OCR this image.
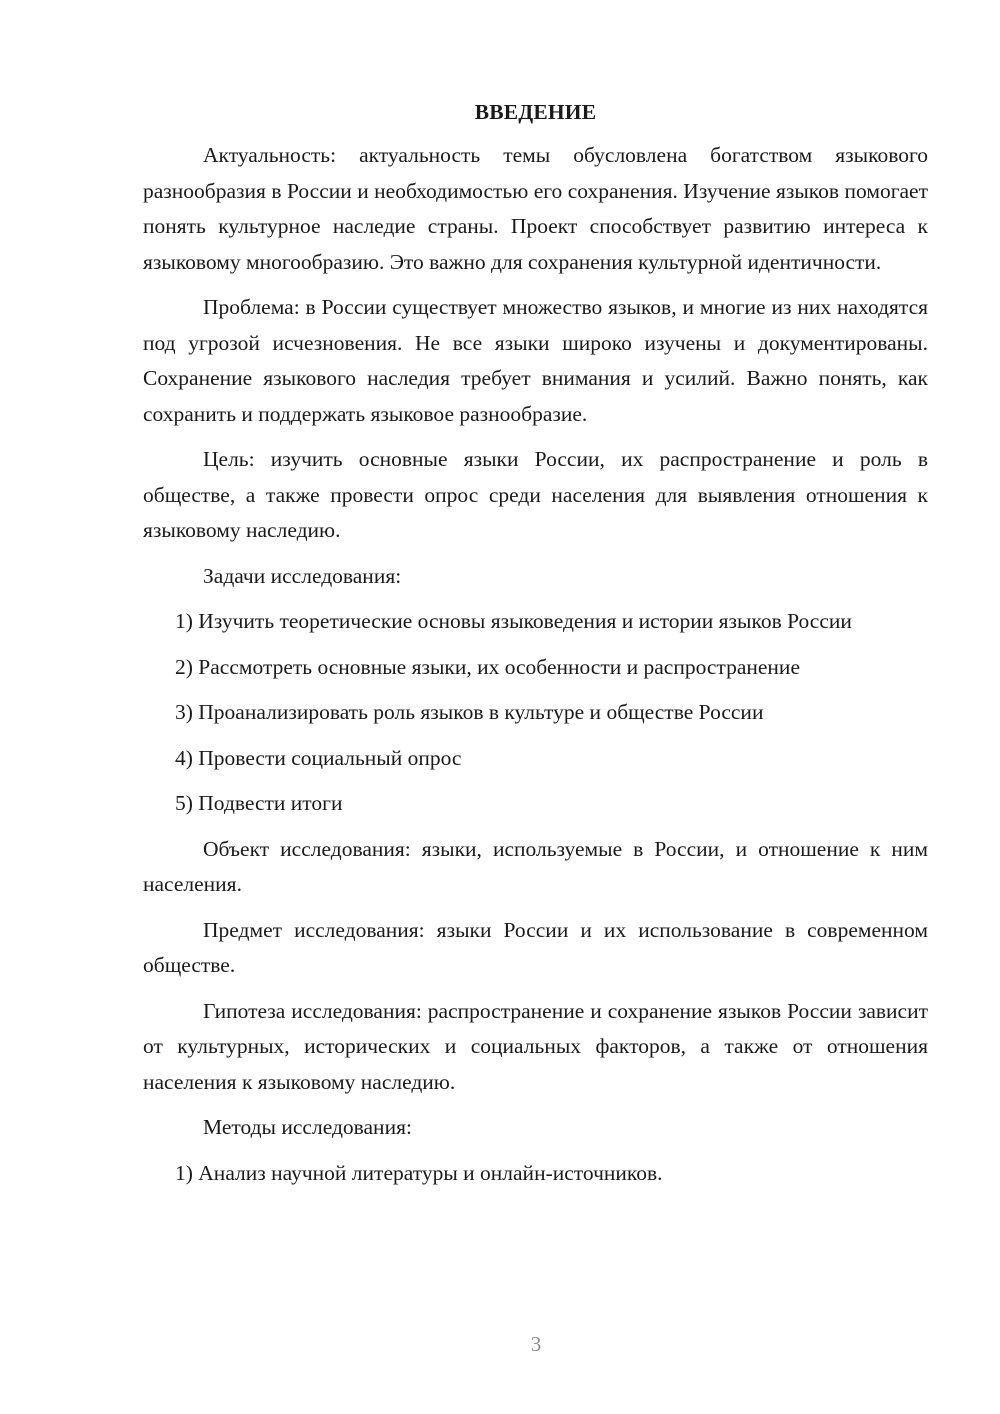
ВВЕДЕНИЕ

Актуальность: актуальность темы обусловлена богатством языкового разнообразия в России и необходимостью его сохранения. Изучение языков помогает понять культурное наследие страны. Проект способствует развитию интереса к языковому многообразию. Это важно для сохранения культурной идентичности.

Проблема: в России существует множество языков, и многие из них находятся под угрозой исчезновения. Не все языки широко изучены и документированы. Сохранение языкового наследия требует внимания и усилий. Важно понять, как сохранить и поддержать языковое разнообразие.

Цель: изучить основные языки России, их распространение и роль в обществе, а также провести опрос среди населения для выявления отношения к языковому наследию.

Задачи исследования:

1) Изучить теоретические основы языковедения и истории языков России

2) Рассмотреть основные языки, их особенности и распространение

3) Проанализировать роль языков в культуре и обществе России

4) Провести социальный опрос

5) Подвести итоги

Объект исследования: языки, используемые в России, и отношение к ним населения.

Предмет исследования: языки России и их использование в современном обществе.

Гипотеза исследования: распространение и сохранение языков России зависит от культурных, исторических и социальных факторов, а также от отношения населения к языковому наследию.

Методы исследования:

1) Анализ научной литературы и онлайн-источников.

3
